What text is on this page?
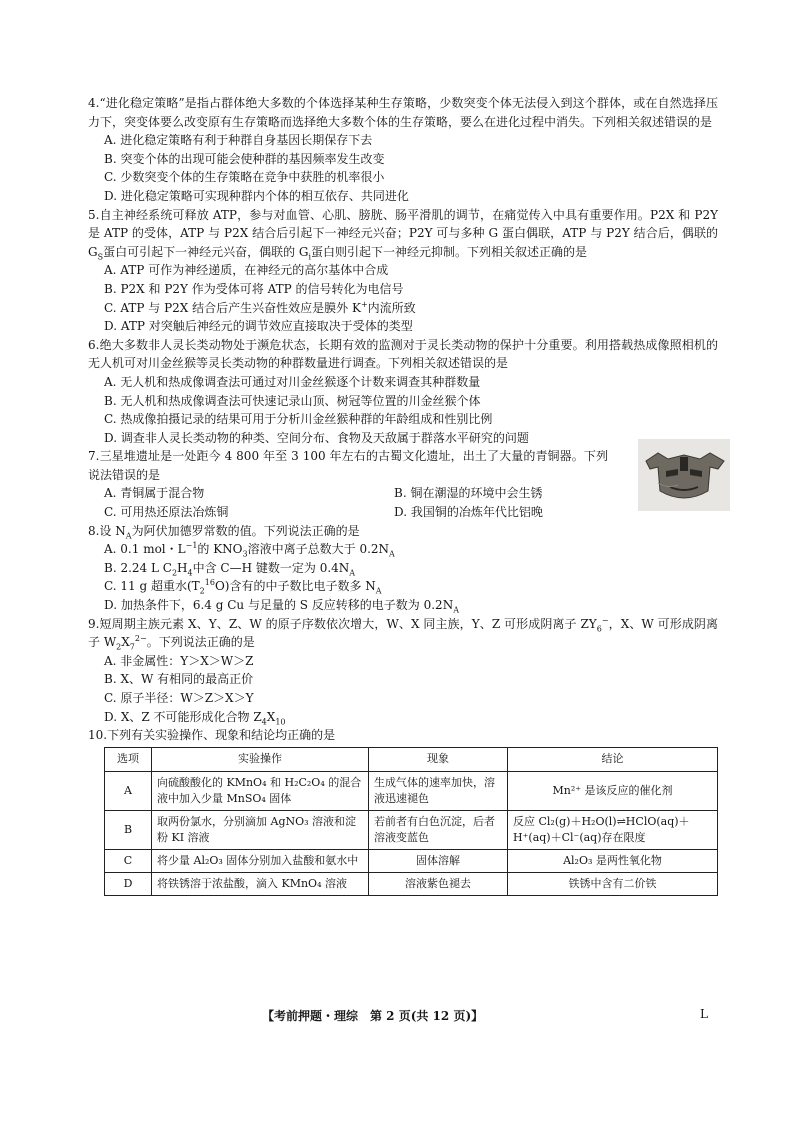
4.“进化稳定策略”是指占群体绝大多数的个体选择某种生存策略，少数突变个体无法侵入到这个群体，或在自然选择压力下，突变体要么改变原有生存策略而选择绝大多数个体的生存策略，要么在进化过程中消失。下列相关叙述错误的是

A. 进化稳定策略有利于种群自身基因长期保存下去
B. 突变个体的出现可能会使种群的基因频率发生改变
C. 少数突变个体的生存策略在竞争中获胜的机率很小
D. 进化稳定策略可实现种群内个体的相互依存、共同进化

5.自主神经系统可释放 ATP，参与对血管、心肌、膀胱、肠平滑肌的调节，在痛觉传入中具有重要作用。P2X 和 P2Y 是 ATP 的受体，ATP 与 P2X 结合后引起下一神经元兴奋；P2Y 可与多种 G 蛋白偶联，ATP 与 P2Y 结合后，偶联的 $G_S$蛋白可引起下一神经元兴奋，偶联的 $G_i$蛋白则引起下一神经元抑制。下列相关叙述正确的是

A. ATP 可作为神经递质，在神经元的高尔基体中合成
B. P2X 和 P2Y 作为受体可将 ATP 的信号转化为电信号
C. ATP 与 P2X 结合后产生兴奋性效应是膜外 K+内流所致
D. ATP 对突触后神经元的调节效应直接取决于受体的类型

6.绝大多数非人灵长类动物处于濒危状态，长期有效的监测对于灵长类动物的保护十分重要。利用搭载热成像照相机的无人机可对川金丝猴等灵长类动物的种群数量进行调查。下列相关叙述错误的是

A. 无人机和热成像调查法可通过对川金丝猴逐个计数来调查其种群数量
B. 无人机和热成像调查法可快速记录山顶、树冠等位置的川金丝猴个体
C. 热成像拍摄记录的结果可用于分析川金丝猴种群的年龄组成和性别比例
D. 调查非人灵长类动物的种类、空间分布、食物及天敌属于群落水平研究的问题

7.三星堆遗址是一处距今 4 800 年至 3 100 年左右的古蜀文化遗址，出土了大量的青铜器。下列说法错误的是

A. 青铜属于混合物	B. 铜在潮湿的环境中会生锈
C. 可用热还原法冶炼铜	D. 我国铜的冶炼年代比铝晚

8.设 $N_A$为阿伏加德罗常数的值。下列说法正确的是

A. 0.1 mol・$L^{-1}$的 $KNO_3$溶液中离子总数大于 $0.2N_A$
B. 2.24 L $C_2H_4$中含 C—H 键数一定为 $0.4N_A$
C. 11 g 超重水$(T_2^{16}O)$含有的中子数比电子数多 $N_A$
D. 加热条件下，6.4 g Cu 与足量的 S 反应转移的电子数为 $0.2N_A$

9.短周期主族元素 X、Y、Z、W 的原子序数依次增大，W、X 同主族，Y、Z 可形成阴离子 $ZY_6^-$，X、W 可形成阴离子 $W_2X_7^{2-}$。下列说法正确的是

A. 非金属性：Y＞X＞W＞Z
B. X、W 有相同的最高正价
C. 原子半径：W＞Z＞X＞Y
D. X、Z 不可能形成化合物 $Z_4X_{10}$

10.下列有关实验操作、现象和结论均正确的是

选项	实验操作	现象	结论
A	向硫酸酸化的 KMnO₄ 和 H₂C₂O₄ 的混合液中加入少量 MnSO₄ 固体	生成气体的速率加快，溶液迅速褪色	Mn²⁺ 是该反应的催化剂
B	取两份氯水，分别滴加 AgNO₃ 溶液和淀粉 KI 溶液	若前者有白色沉淀，后者溶液变蓝色	反应 Cl₂(g)＋H₂O(l)⇌HClO(aq)＋H⁺(aq)＋Cl⁻(aq)存在限度
C	将少量 Al₂O₃ 固体分别加入盐酸和氨水中	固体溶解	Al₂O₃ 是两性氧化物
D	将铁锈溶于浓盐酸，滴入 KMnO₄ 溶液	溶液紫色褪去	铁锈中含有二价铁
【考前押题・理综　第 2 页(共 12 页)】	L
